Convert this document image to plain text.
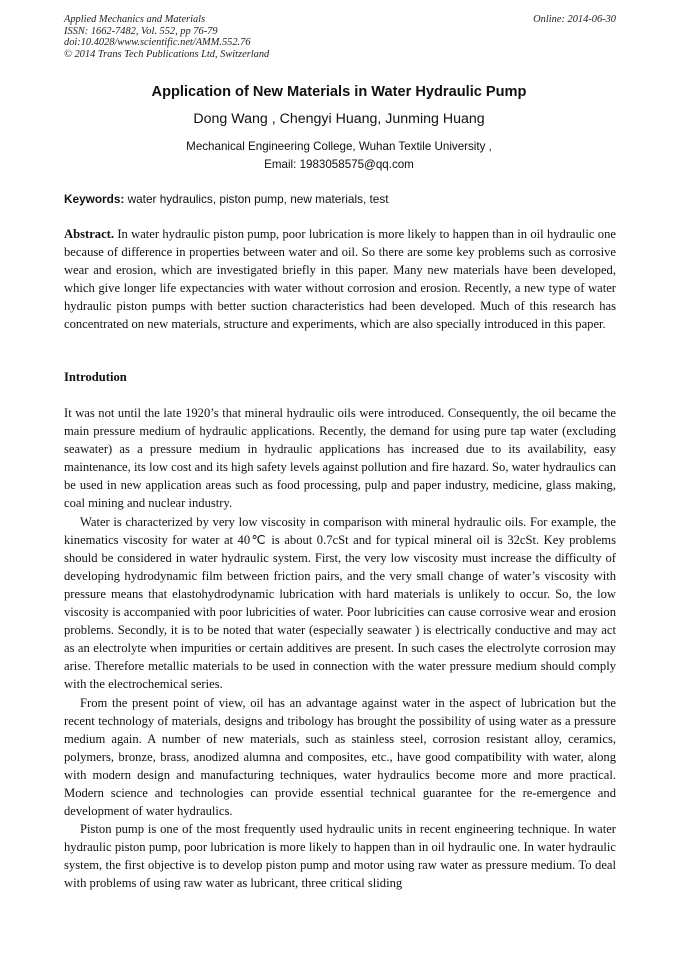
Applied Mechanics and Materials
ISSN: 1662-7482, Vol. 552, pp 76-79
doi:10.4028/www.scientific.net/AMM.552.76
© 2014 Trans Tech Publications Ltd, Switzerland
Online: 2014-06-30
Application of New Materials in Water Hydraulic Pump
Dong Wang , Chengyi Huang, Junming Huang
Mechanical Engineering College, Wuhan Textile University ,
Email: 1983058575@qq.com
Keywords: water hydraulics, piston pump, new materials, test
Abstract. In water hydraulic piston pump, poor lubrication is more likely to happen than in oil hydraulic one because of difference in properties between water and oil. So there are some key problems such as corrosive wear and erosion, which are investigated briefly in this paper. Many new materials have been developed, which give longer life expectancies with water without corrosion and erosion. Recently, a new type of water hydraulic piston pumps with better suction characteristics had been developed. Much of this research has concentrated on new materials, structure and experiments, which are also specially introduced in this paper.
Introdution

It was not until the late 1920’s that mineral hydraulic oils were introduced. Consequently, the oil became the main pressure medium of hydraulic applications. Recently, the demand for using pure tap water (excluding seawater) as a pressure medium in hydraulic applications has increased due to its availability, easy maintenance, its low cost and its high safety levels against pollution and fire hazard. So, water hydraulics can be used in new application areas such as food processing, pulp and paper industry, medicine, glass making, coal mining and nuclear industry.

Water is characterized by very low viscosity in comparison with mineral hydraulic oils. For example, the kinematics viscosity for water at 40℃ is about 0.7cSt and for typical mineral oil is 32cSt. Key problems should be considered in water hydraulic system. First, the very low viscosity must increase the difficulty of developing hydrodynamic film between friction pairs, and the very small change of water’s viscosity with pressure means that elastohydrodynamic lubrication with hard materials is unlikely to occur. So, the low viscosity is accompanied with poor lubricities of water. Poor lubricities can cause corrosive wear and erosion problems. Secondly, it is to be noted that water (especially seawater ) is electrically conductive and may act as an electrolyte when impurities or certain additives are present. In such cases the electrolyte corrosion may arise. Therefore metallic materials to be used in connection with the water pressure medium should comply with the electrochemical series.

From the present point of view, oil has an advantage against water in the aspect of lubrication but the recent technology of materials, designs and tribology has brought the possibility of using water as a pressure medium again. A number of new materials, such as stainless steel, corrosion resistant alloy, ceramics, polymers, bronze, brass, anodized alumna and composites, etc., have good compatibility with water, along with modern design and manufacturing techniques, water hydraulics become more and more practical. Modern science and technologies can provide essential technical guarantee for the re-emergence and development of water hydraulics.

Piston pump is one of the most frequently used hydraulic units in recent engineering technique. In water hydraulic piston pump, poor lubrication is more likely to happen than in oil hydraulic one. In water hydraulic system, the first objective is to develop piston pump and motor using raw water as pressure medium. To deal with problems of using raw water as lubricant, three critical sliding
